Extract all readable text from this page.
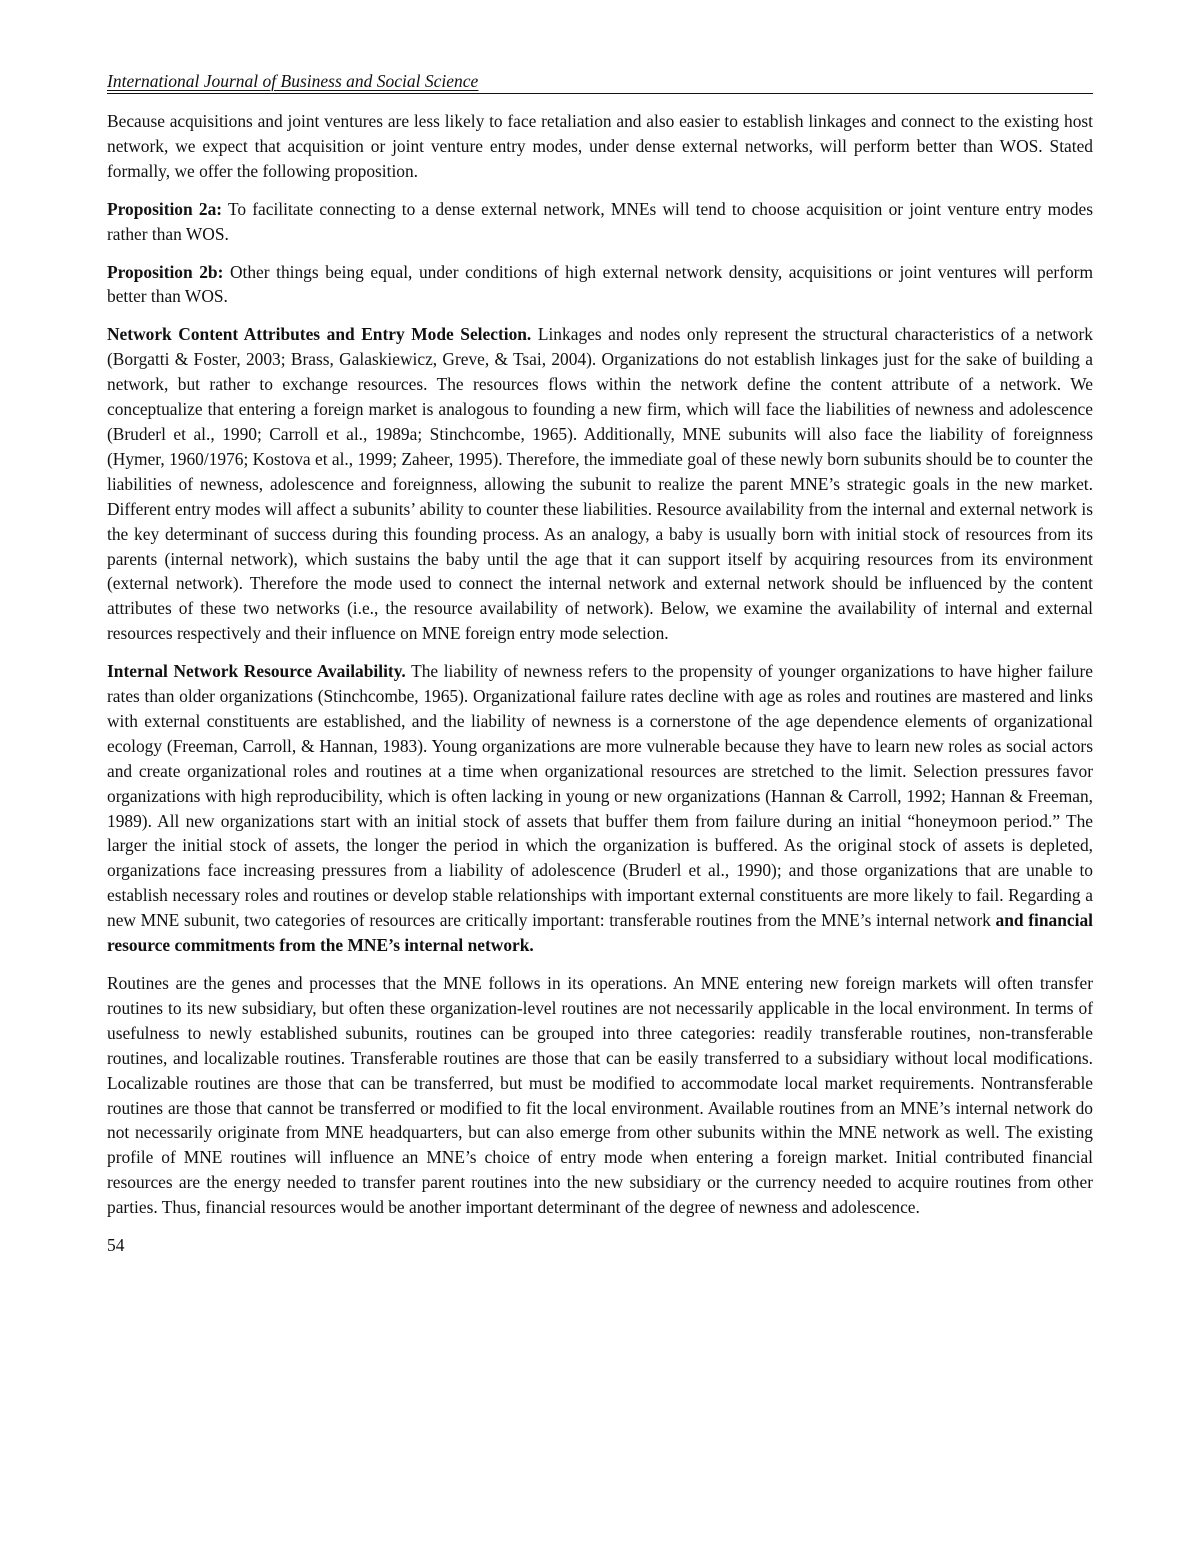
International Journal of Business and Social Science

Because acquisitions and joint ventures are less likely to face retaliation and also easier to establish linkages and connect to the existing host network, we expect that acquisition or joint venture entry modes, under dense external networks, will perform better than WOS. Stated formally, we offer the following proposition.

Proposition 2a: To facilitate connecting to a dense external network, MNEs will tend to choose acquisition or joint venture entry modes rather than WOS.

Proposition 2b: Other things being equal, under conditions of high external network density, acquisitions or joint ventures will perform better than WOS.

Network Content Attributes and Entry Mode Selection. Linkages and nodes only represent the structural characteristics of a network (Borgatti & Foster, 2003; Brass, Galaskiewicz, Greve, & Tsai, 2004). Organizations do not establish linkages just for the sake of building a network, but rather to exchange resources. The resources flows within the network define the content attribute of a network. We conceptualize that entering a foreign market is analogous to founding a new firm, which will face the liabilities of newness and adolescence (Bruderl et al., 1990; Carroll et al., 1989a; Stinchcombe, 1965). Additionally, MNE subunits will also face the liability of foreignness (Hymer, 1960/1976; Kostova et al., 1999; Zaheer, 1995). Therefore, the immediate goal of these newly born subunits should be to counter the liabilities of newness, adolescence and foreignness, allowing the subunit to realize the parent MNE’s strategic goals in the new market. Different entry modes will affect a subunits’ ability to counter these liabilities. Resource availability from the internal and external network is the key determinant of success during this founding process. As an analogy, a baby is usually born with initial stock of resources from its parents (internal network), which sustains the baby until the age that it can support itself by acquiring resources from its environment (external network). Therefore the mode used to connect the internal network and external network should be influenced by the content attributes of these two networks (i.e., the resource availability of network). Below, we examine the availability of internal and external resources respectively and their influence on MNE foreign entry mode selection.

Internal Network Resource Availability. The liability of newness refers to the propensity of younger organizations to have higher failure rates than older organizations (Stinchcombe, 1965). Organizational failure rates decline with age as roles and routines are mastered and links with external constituents are established, and the liability of newness is a cornerstone of the age dependence elements of organizational ecology (Freeman, Carroll, & Hannan, 1983). Young organizations are more vulnerable because they have to learn new roles as social actors and create organizational roles and routines at a time when organizational resources are stretched to the limit. Selection pressures favor organizations with high reproducibility, which is often lacking in young or new organizations (Hannan & Carroll, 1992; Hannan & Freeman, 1989). All new organizations start with an initial stock of assets that buffer them from failure during an initial “honeymoon period.” The larger the initial stock of assets, the longer the period in which the organization is buffered. As the original stock of assets is depleted, organizations face increasing pressures from a liability of adolescence (Bruderl et al., 1990); and those organizations that are unable to establish necessary roles and routines or develop stable relationships with important external constituents are more likely to fail. Regarding a new MNE subunit, two categories of resources are critically important: transferable routines from the MNE’s internal network and financial resource commitments from the MNE’s internal network.

Routines are the genes and processes that the MNE follows in its operations. An MNE entering new foreign markets will often transfer routines to its new subsidiary, but often these organization-level routines are not necessarily applicable in the local environment. In terms of usefulness to newly established subunits, routines can be grouped into three categories: readily transferable routines, non-transferable routines, and localizable routines. Transferable routines are those that can be easily transferred to a subsidiary without local modifications. Localizable routines are those that can be transferred, but must be modified to accommodate local market requirements. Nontransferable routines are those that cannot be transferred or modified to fit the local environment. Available routines from an MNE’s internal network do not necessarily originate from MNE headquarters, but can also emerge from other subunits within the MNE network as well. The existing profile of MNE routines will influence an MNE’s choice of entry mode when entering a foreign market. Initial contributed financial resources are the energy needed to transfer parent routines into the new subsidiary or the currency needed to acquire routines from other parties. Thus, financial resources would be another important determinant of the degree of newness and adolescence.

54
